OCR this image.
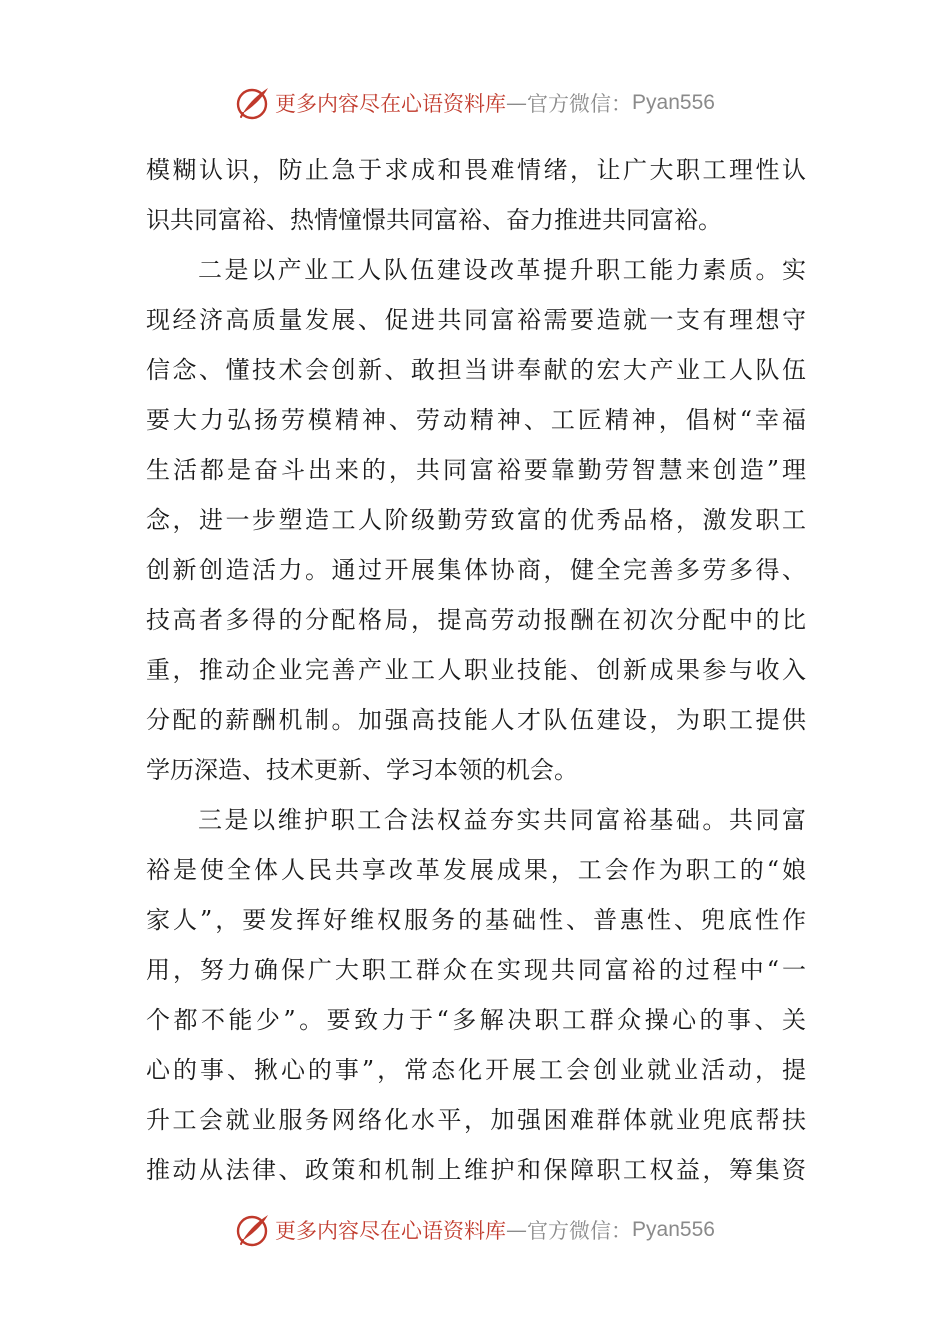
更多内容尽在心语资料库 — 官方微信： Pyan556
模糊认识，防止急于求成和畏难情绪，让广大职工理性认
识共同富裕、热情憧憬共同富裕、奋力推进共同富裕。
二是以产业工人队伍建设改革提升职工能力素质。实
现经济高质量发展、促进共同富裕需要造就一支有理想守
信念、懂技术会创新、敢担当讲奉献的宏大产业工人队伍
要大力弘扬劳模精神、劳动精神、工匠精神，倡树“幸福
生活都是奋斗出来的，共同富裕要靠勤劳智慧来创造”理
念，进一步塑造工人阶级勤劳致富的优秀品格，激发职工
创新创造活力。通过开展集体协商，健全完善多劳多得、
技高者多得的分配格局，提高劳动报酬在初次分配中的比
重，推动企业完善产业工人职业技能、创新成果参与收入
分配的薪酬机制。加强高技能人才队伍建设，为职工提供
学历深造、技术更新、学习本领的机会。
三是以维护职工合法权益夯实共同富裕基础。共同富
裕是使全体人民共享改革发展成果，工会作为职工的“娘
家人”，要发挥好维权服务的基础性、普惠性、兜底性作
用，努力确保广大职工群众在实现共同富裕的过程中“一
个都不能少”。要致力于“多解决职工群众操心的事、关
心的事、揪心的事”，常态化开展工会创业就业活动，提
升工会就业服务网络化水平，加强困难群体就业兜底帮扶
推动从法律、政策和机制上维护和保障职工权益，筹集资
更多内容尽在心语资料库 — 官方微信： Pyan556
